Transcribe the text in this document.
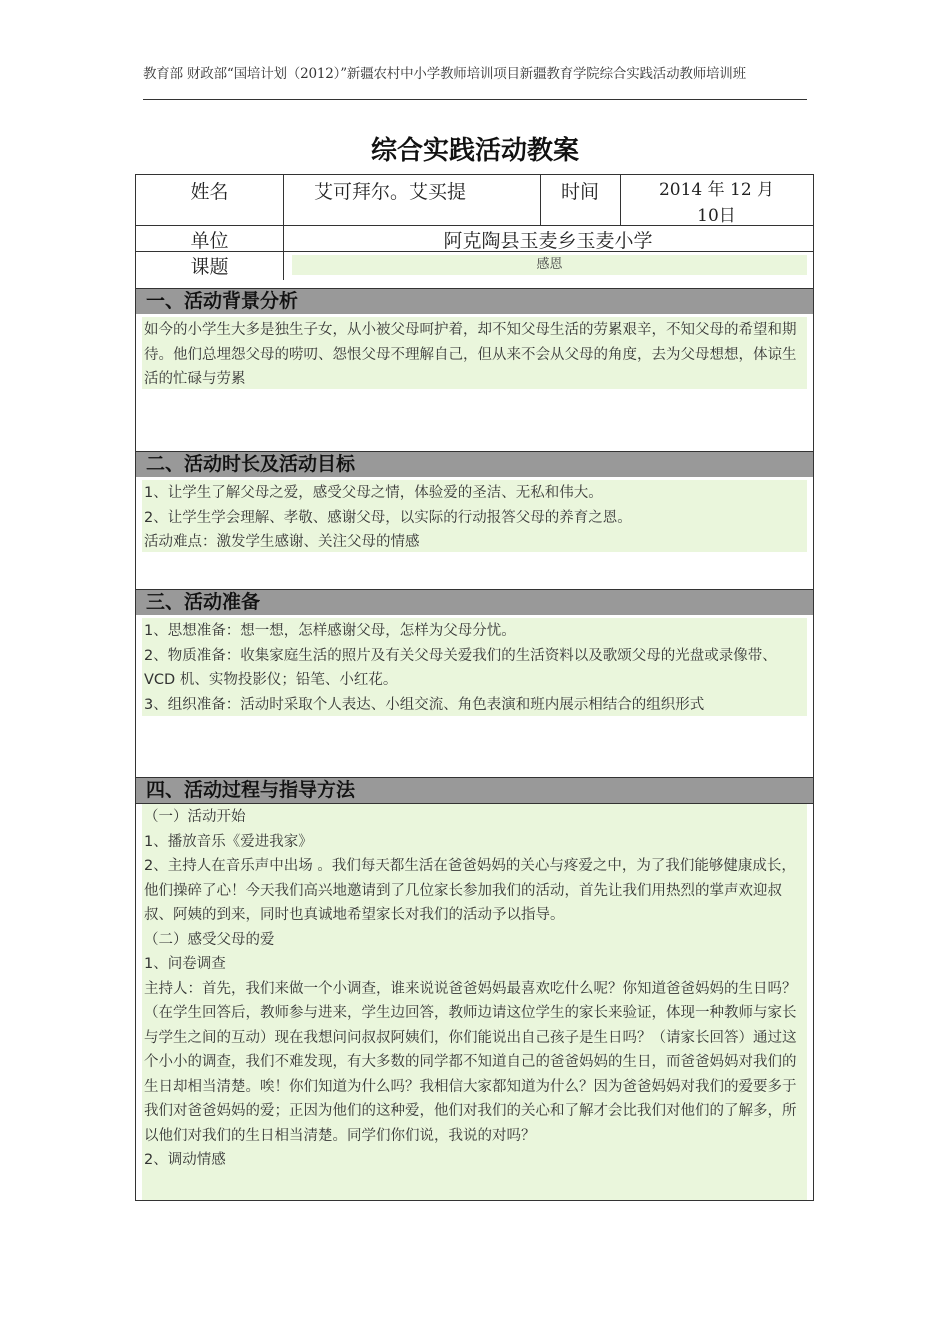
教育部 财政部“国培计划（2012）”新疆农村中小学教师培训项目新疆教育学院综合实践活动教师培训班
综合实践活动教案
姓名	艾可拜尔。艾买提	时间	2014 年 12 月
10日
单位	阿克陶县玉麦乡玉麦小学
课题	感恩
一、活动背景分析

如今的小学生大多是独生子女，从小被父母呵护着，却不知父母生活的劳累艰辛，不知父母的希望和期待。他们总埋怨父母的唠叨、怨恨父母不理解自己，但从来不会从父母的角度，去为父母想想，体谅生活的忙碌与劳累

二、活动时长及活动目标

1、让学生了解父母之爱，感受父母之情，体验爱的圣洁、无私和伟大。

2、让学生学会理解、孝敬、感谢父母，以实际的行动报答父母的养育之恩。

活动难点：激发学生感谢、关注父母的情感

三、活动准备

1、思想准备：想一想，怎样感谢父母，怎样为父母分忧。

2、物质准备：收集家庭生活的照片及有关父母关爱我们的生活资料以及歌颂父母的光盘或录像带、VCD 机、实物投影仪；铅笔、小红花。

3、组织准备：活动时采取个人表达、小组交流、角色表演和班内展示相结合的组织形式

四、活动过程与指导方法

（一）活动开始

1、播放音乐《爱进我家》

2、主持人在音乐声中出场 。我们每天都生活在爸爸妈妈的关心与疼爱之中，为了我们能够健康成长，他们操碎了心！今天我们高兴地邀请到了几位家长参加我们的活动，首先让我们用热烈的掌声欢迎叔叔、阿姨的到来，同时也真诚地希望家长对我们的活动予以指导。

（二）感受父母的爱

1、问卷调查

主持人：首先，我们来做一个小调查，谁来说说爸爸妈妈最喜欢吃什么呢？你知道爸爸妈妈的生日吗？（在学生回答后，教师参与进来，学生边回答，教师边请这位学生的家长来验证，体现一种教师与家长与学生之间的互动）现在我想问问叔叔阿姨们，你们能说出自己孩子是生日吗？（请家长回答）通过这个小小的调查，我们不难发现，有大多数的同学都不知道自己的爸爸妈妈的生日，而爸爸妈妈对我们的生日却相当清楚。唉！你们知道为什么吗？我相信大家都知道为什么？因为爸爸妈妈对我们的爱要多于我们对爸爸妈妈的爱；正因为他们的这种爱，他们对我们的关心和了解才会比我们对他们的了解多，所以他们对我们的生日相当清楚。同学们你们说，我说的对吗？

2、调动情感
